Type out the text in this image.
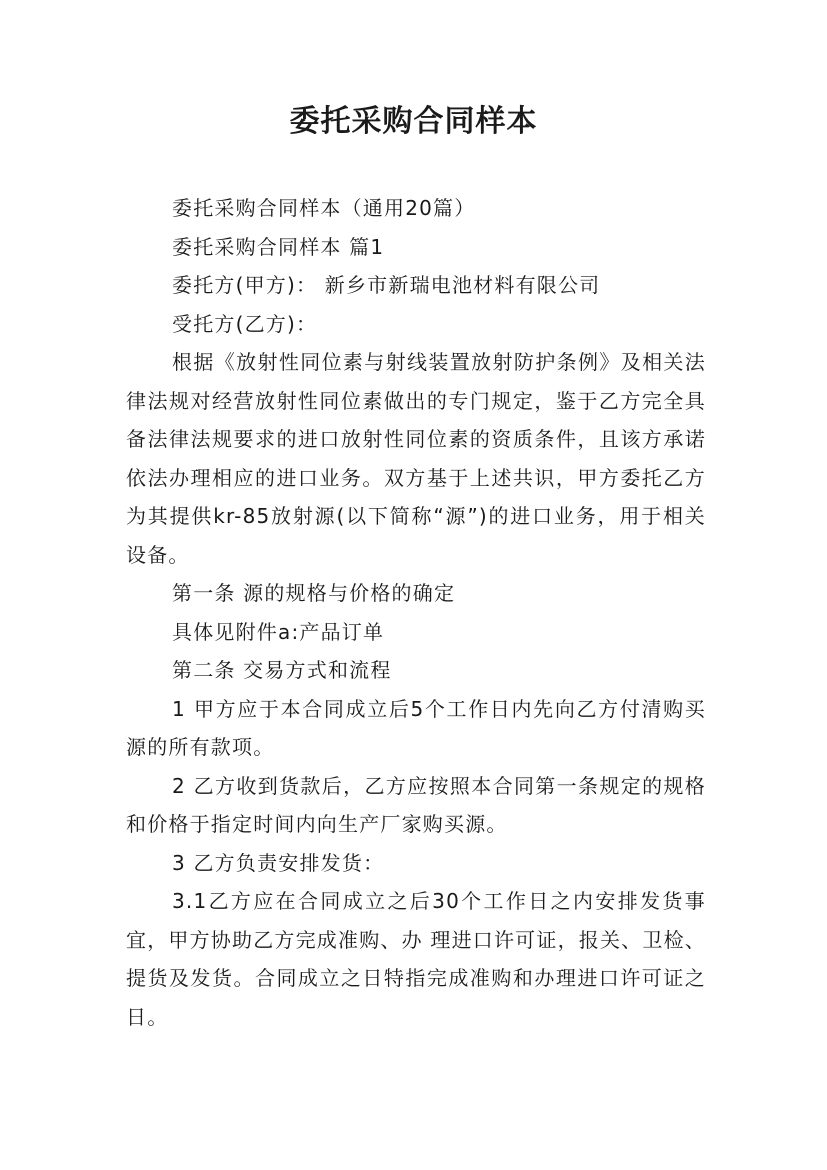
委托采购合同样本

委托采购合同样本（通用20篇）

委托采购合同样本 篇1

委托方(甲方)： 新乡市新瑞电池材料有限公司

受托方(乙方)：

根据《放射性同位素与射线装置放射防护条例》及相关法律法规对经营放射性同位素做出的专门规定，鉴于乙方完全具备法律法规要求的进口放射性同位素的资质条件，且该方承诺依法办理相应的进口业务。双方基于上述共识，甲方委托乙方为其提供kr-85放射源(以下简称“源”)的进口业务，用于相关设备。

第一条 源的规格与价格的确定

具体见附件a:产品订单

第二条 交易方式和流程

1 甲方应于本合同成立后5个工作日内先向乙方付清购买源的所有款项。

2 乙方收到货款后，乙方应按照本合同第一条规定的规格和价格于指定时间内向生产厂家购买源。

3 乙方负责安排发货：

3.1乙方应在合同成立之后30个工作日之内安排发货事宜，甲方协助乙方完成准购、办 理进口许可证，报关、卫检、提货及发货。合同成立之日特指完成准购和办理进口许可证之日。
